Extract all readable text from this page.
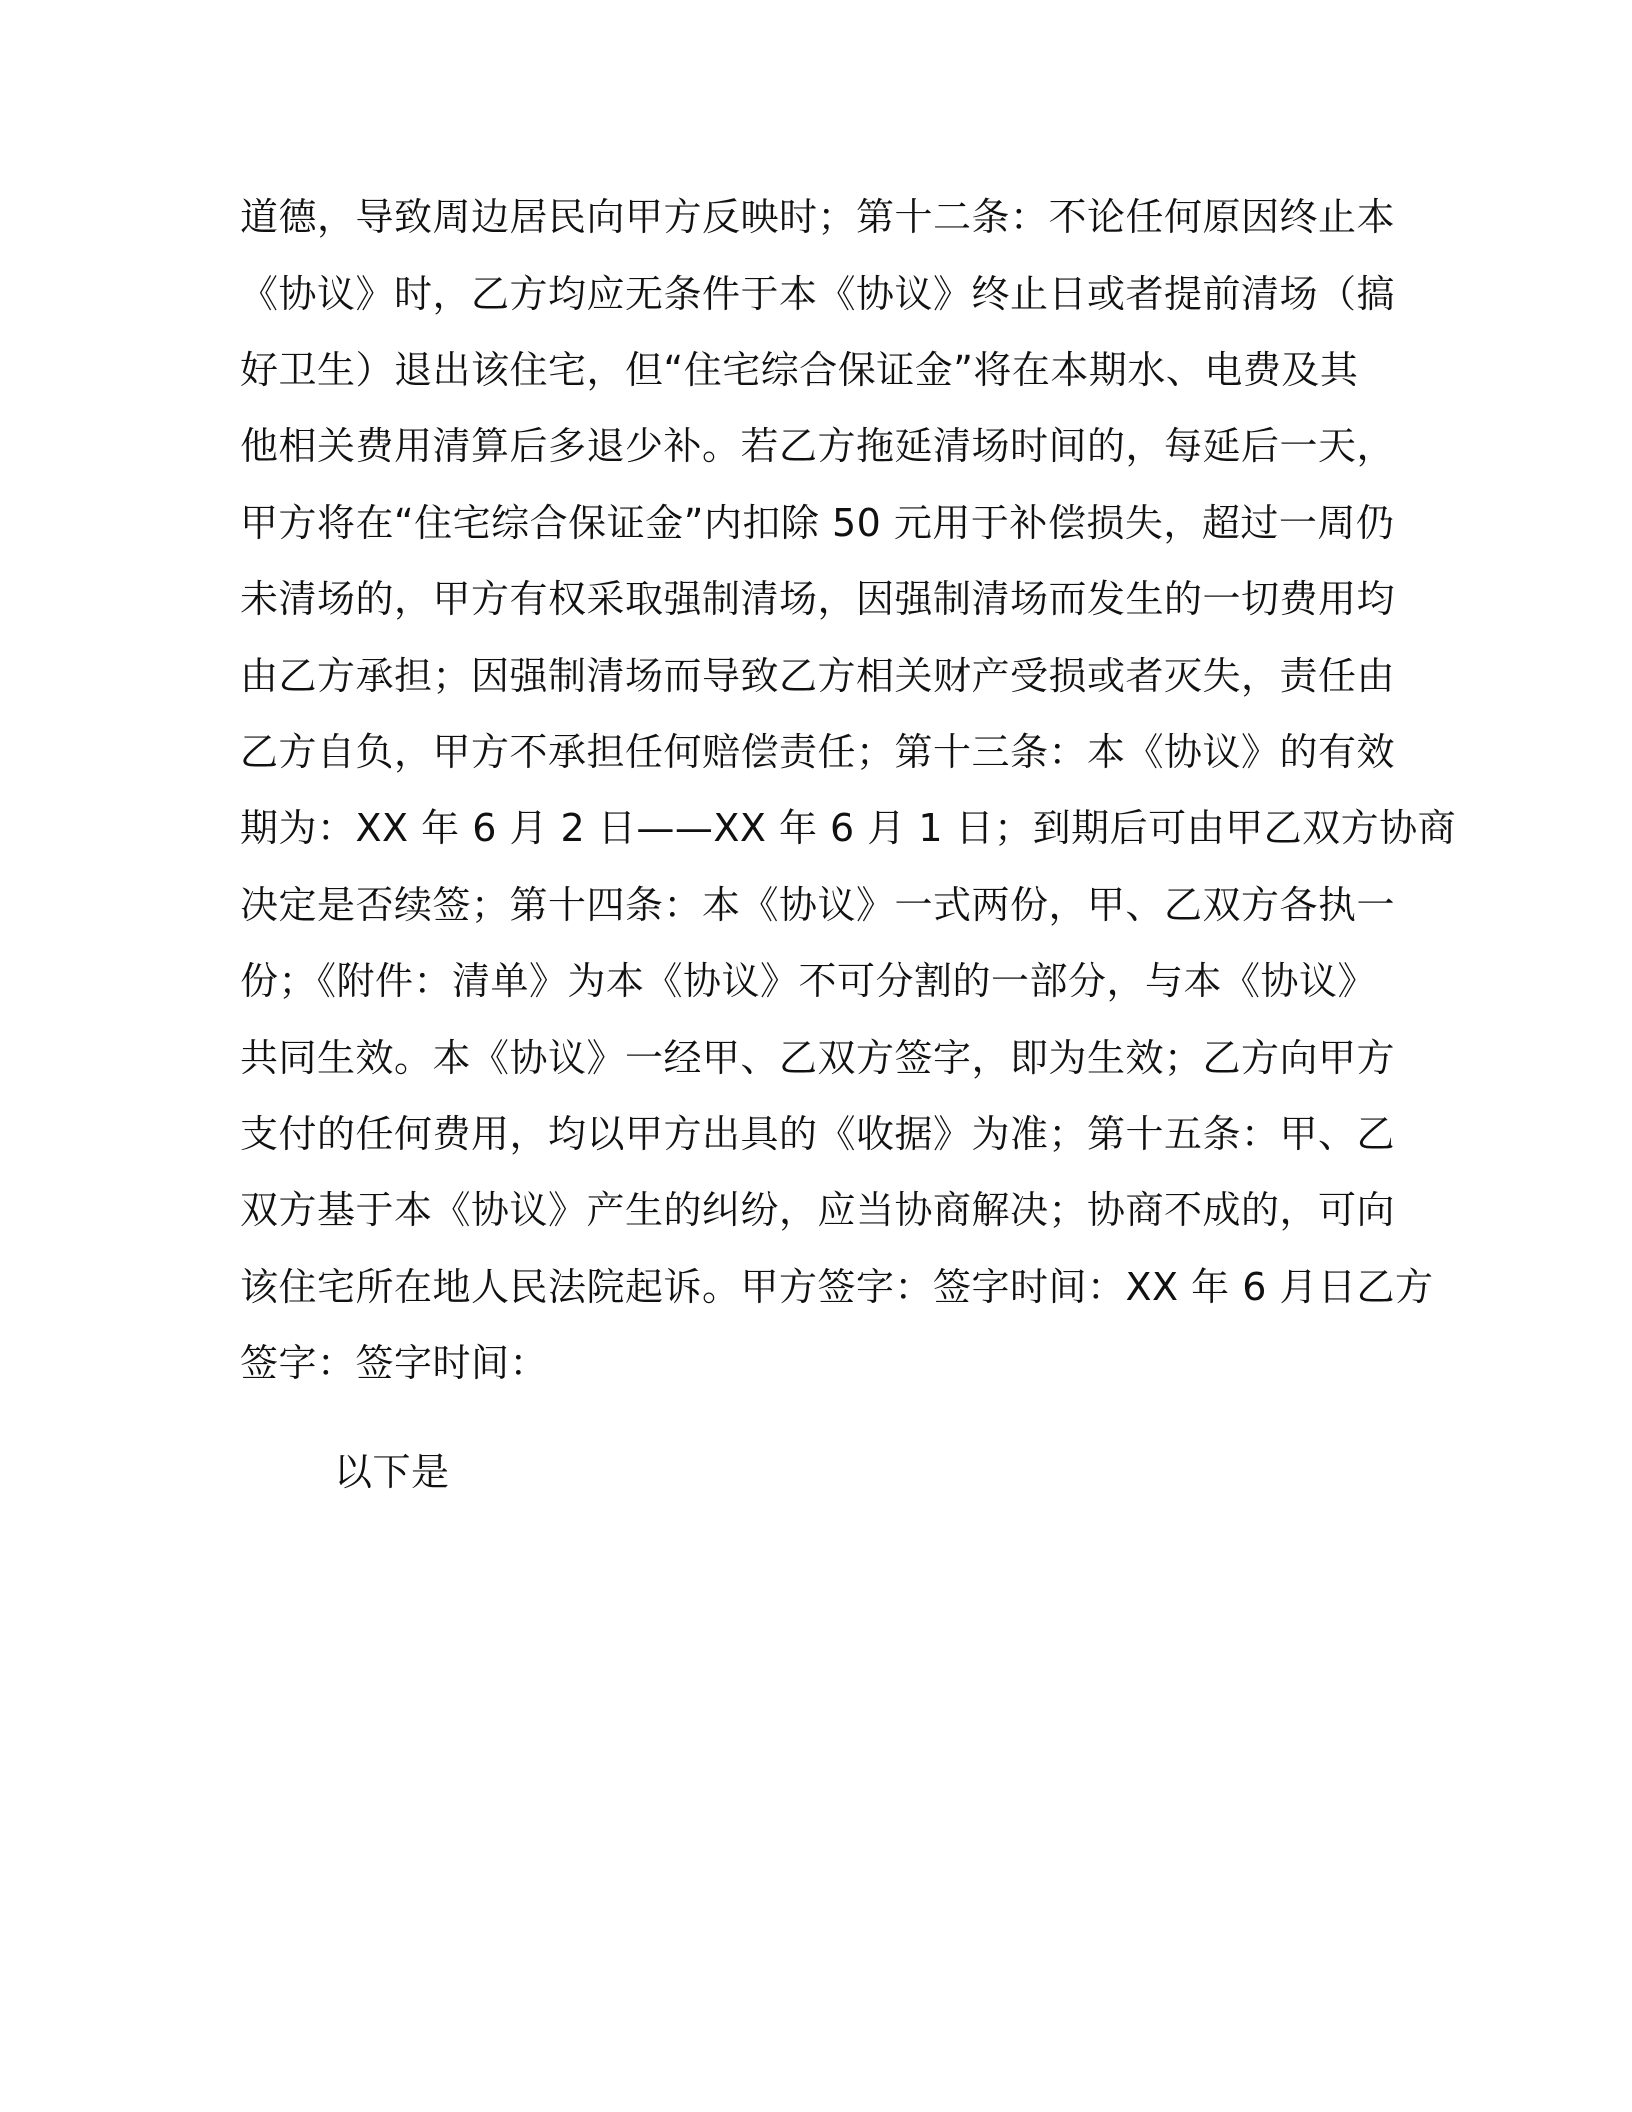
道德，导致周边居民向甲方反映时；第十二条：不论任何原因终止本
《协议》时，乙方均应无条件于本《协议》终止日或者提前清场（搞
好卫生）退出该住宅，但“住宅综合保证金”将在本期水、电费及其
他相关费用清算后多退少补。若乙方拖延清场时间的，每延后一天，
甲方将在“住宅综合保证金”内扣除 50 元用于补偿损失，超过一周仍
未清场的，甲方有权采取强制清场，因强制清场而发生的一切费用均
由乙方承担；因强制清场而导致乙方相关财产受损或者灭失，责任由
乙方自负，甲方不承担任何赔偿责任；第十三条：本《协议》的有效
期为：XX 年 6 月 2 日——XX 年 6 月 1 日；到期后可由甲乙双方协商
决定是否续签；第十四条：本《协议》一式两份，甲、乙双方各执一
份；《附件：清单》为本《协议》不可分割的一部分，与本《协议》
共同生效。本《协议》一经甲、乙双方签字，即为生效；乙方向甲方
支付的任何费用，均以甲方出具的《收据》为准；第十五条：甲、乙
双方基于本《协议》产生的纠纷，应当协商解决；协商不成的，可向
该住宅所在地人民法院起诉。甲方签字：签字时间：XX 年 6 月日乙方
签字：签字时间：
以下是
